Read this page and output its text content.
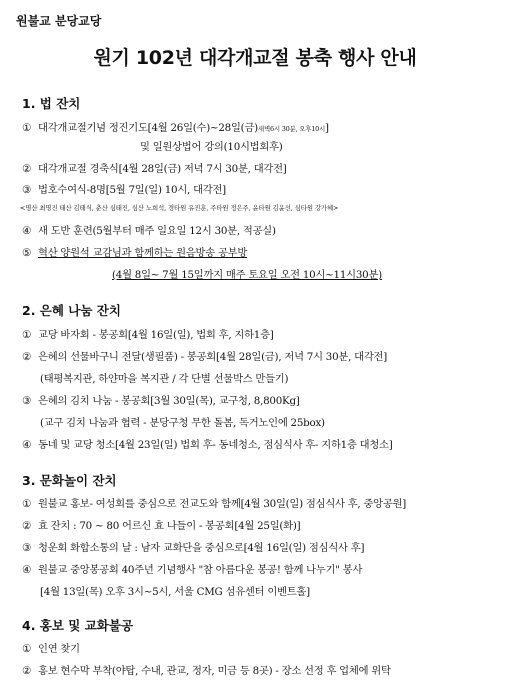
원불교 분당교당
원기 102년 대각개교절 봉축 행사 안내
1. 법 잔치
① 대각개교절기념 정진기도[4월 26일(수)~28일(금)새벽6시 30분, 오후10시]
및 일원상법어 강의(10시법회후)
② 대각개교절 경축식[4월 28일(금) 저녁 7시 30분, 대각전]
③ 법호수여식-8명[5월 7일(일) 10시, 대각전]
<명산 최명진 태산 김태식, 춘산 심태진, 심산 노희석, 경타원 유진훈, 주타원 정은주, 윤타원 김윤선, 심타원 강가혜>
④ 새 도반 훈련(5월부터 매주 일요일 12시 30분, 적공실)
⑤ 혁산 양원석 교감님과 함께하는 원음방송 공부방
(4월 8일~ 7월 15일까지 매주 토요일 오전 10시~11시30분)
2. 은혜 나눔 잔치
① 교당 바자회 - 봉공회[4월 16일(일), 법회 후, 지하1층]
② 은혜의 선물바구니 전달(생필품) - 봉공회[4월 28일(금), 저녁 7시 30분, 대각전]
(태평복지관, 하얀마을 복지관 / 각 단별 선물박스 만들기)
③ 은혜의 김치 나눔 - 봉공회[3월 30일(목), 교구청, 8,800Kg]
(교구 김치 나눔과 협력 - 분당구청 무한 돌봄, 독거노인에 25box)
④ 동네 및 교당 청소[4월 23일(일) 법회 후- 동네청소, 점심식사 후- 지하1층 대청소]
3. 문화놀이 잔치
① 원불교 홍보- 여성회를 중심으로 전교도와 함께[4월 30일(일) 점심식사 후, 중앙공원]
② 효 잔치 : 70 ~ 80 어르신 효 나들이 - 봉공회[4월 25일(화)]
③ 청운회 화합소통의 날 : 남자 교화단을 중심으로[4월 16일(일) 점심식사 후]
④ 원불교 중앙봉공회 40주년 기념행사 "참 아름다운 봉공! 함께 나누기" 봉사
[4월 13일(목) 오후 3시~5시, 서울 CMG 섬유센터 이벤트홀]
4. 홍보 및 교화불공
① 인연 찾기
② 홍보 현수막 부착(야탑, 수내, 관교, 정자, 미금 등 8곳) - 장소 선정 후 업체에 위탁
